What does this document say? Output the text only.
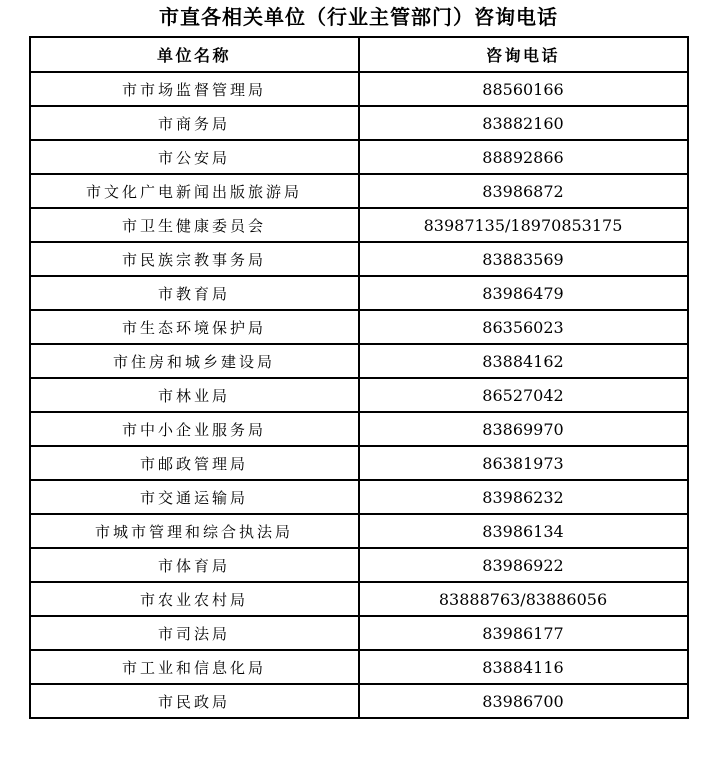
市直各相关单位（行业主管部门）咨询电话
单位名称	咨询电话
市市场监督管理局	88560166
市商务局	83882160
市公安局	88892866
市文化广电新闻出版旅游局	83986872
市卫生健康委员会	83987135/18970853175
市民族宗教事务局	83883569
市教育局	83986479
市生态环境保护局	86356023
市住房和城乡建设局	83884162
市林业局	86527042
市中小企业服务局	83869970
市邮政管理局	86381973
市交通运输局	83986232
市城市管理和综合执法局	83986134
市体育局	83986922
市农业农村局	83888763/83886056
市司法局	83986177
市工业和信息化局	83884116
市民政局	83986700
